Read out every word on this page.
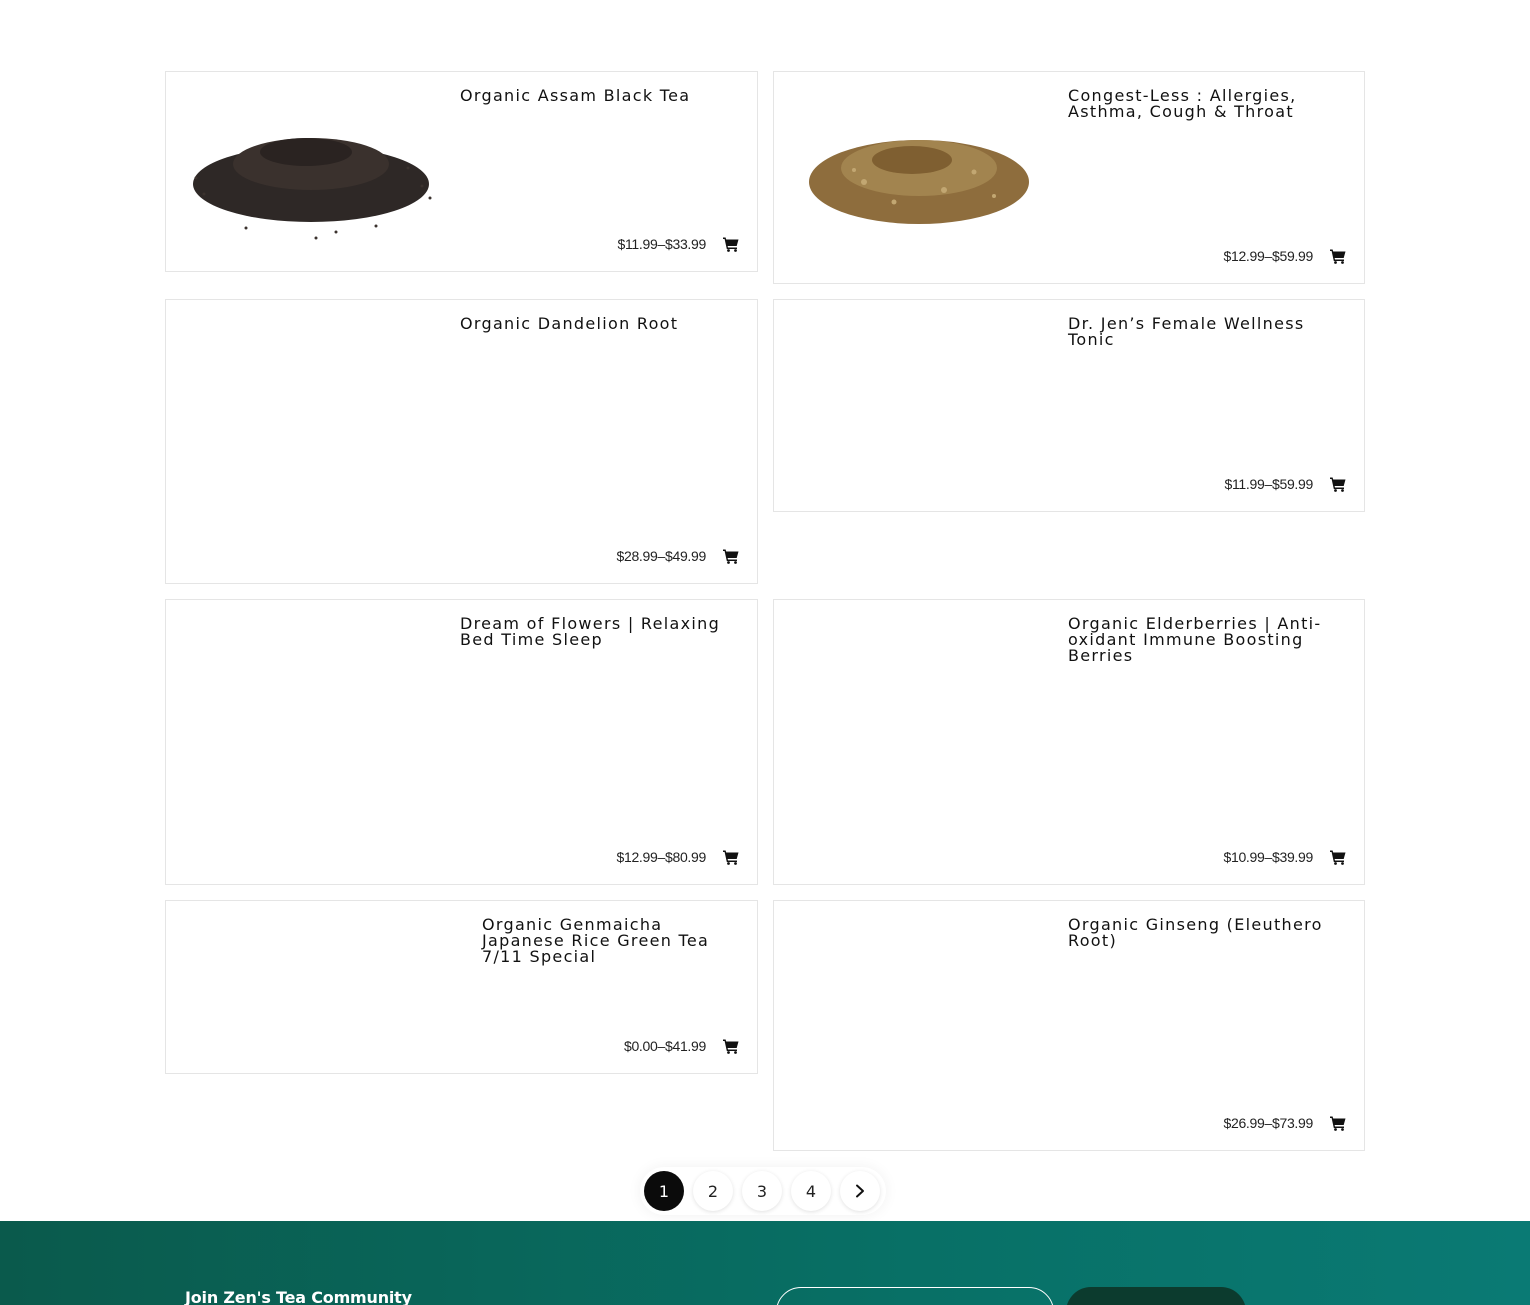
Organic Assam Black Tea
$11.99–$33.99
Congest-Less : Allergies, Asthma, Cough & Throat
$12.99–$59.99
Organic Dandelion Root
$28.99–$49.99
Dr. Jen’s Female Wellness Tonic
$11.99–$59.99
Dream of Flowers | Relaxing Bed Time Sleep
$12.99–$80.99
Organic Elderberries | Anti-oxidant Immune Boosting Berries
$10.99–$39.99
Organic Genmaicha Japanese Rice Green Tea 7/11 Special
$0.00–$41.99
Organic Ginseng (Eleuthero Root)
$26.99–$73.99
1	2	3	4
Join Zen's Tea Community
